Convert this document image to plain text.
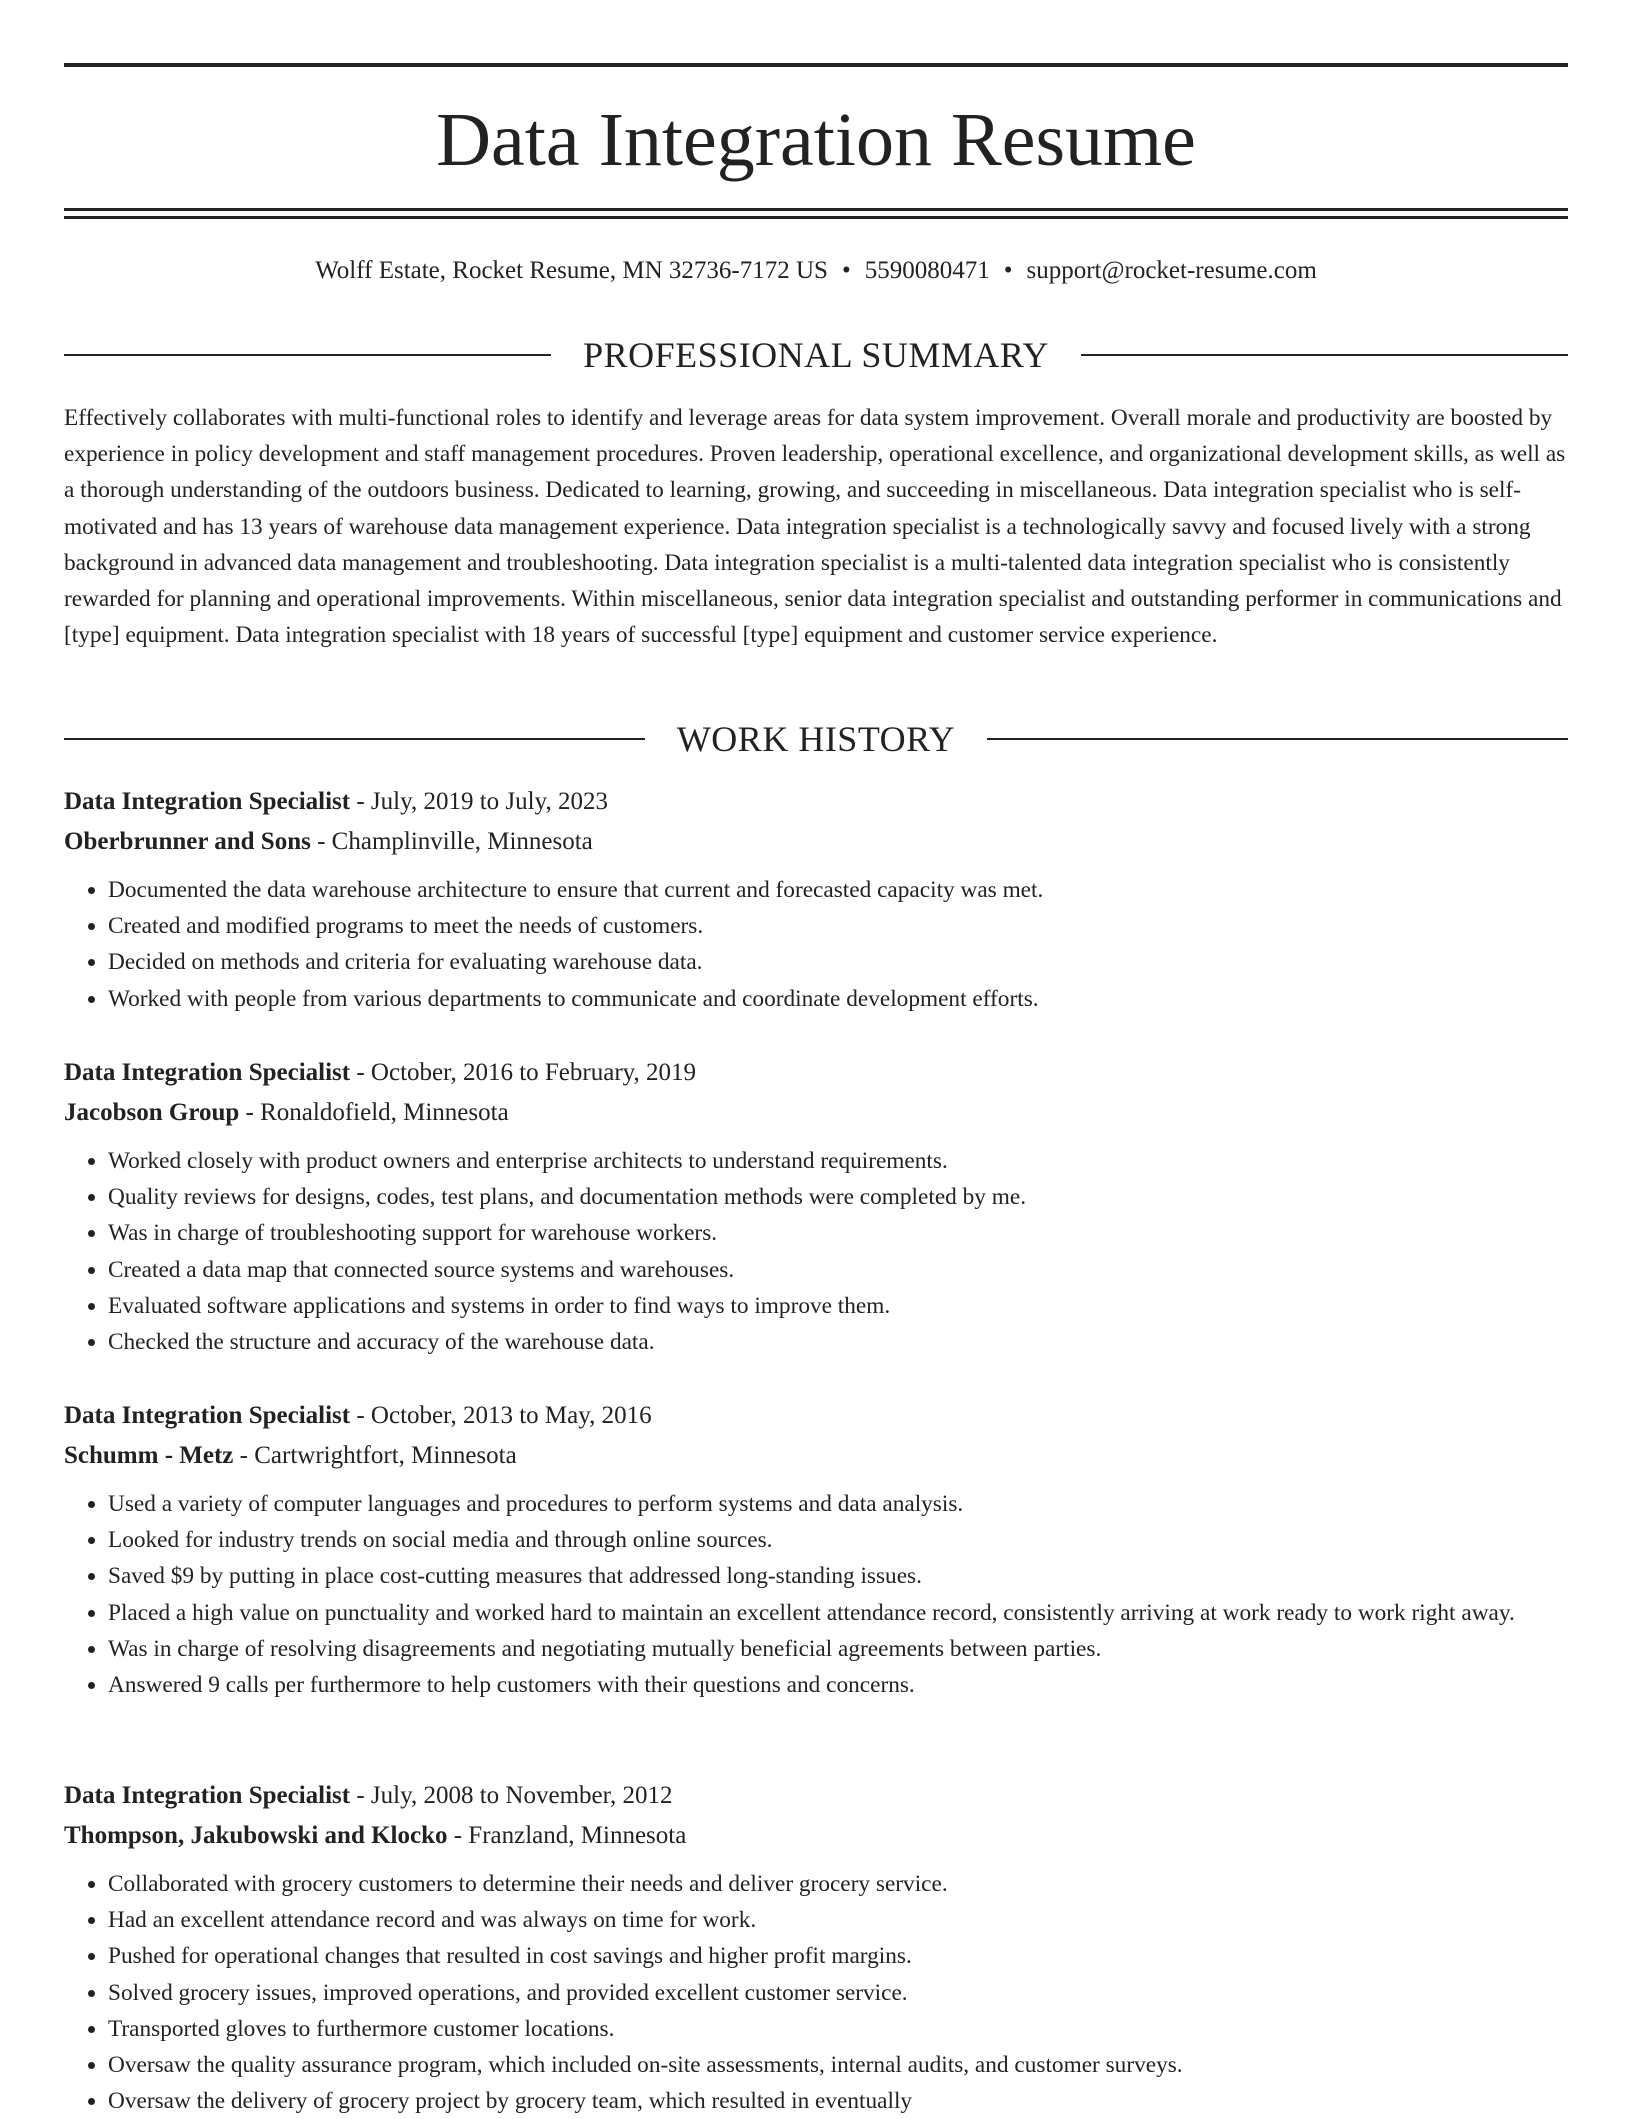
Data Integration Resume
Wolff Estate, Rocket Resume, MN 32736-7172 US • 5590080471 • support@rocket-resume.com
PROFESSIONAL SUMMARY

Effectively collaborates with multi-functional roles to identify and leverage areas for data system improvement. Overall morale and productivity are boosted by experience in policy development and staff management procedures. Proven leadership, operational excellence, and organizational development skills, as well as a thorough understanding of the outdoors business. Dedicated to learning, growing, and succeeding in miscellaneous. Data integration specialist who is self-motivated and has 13 years of warehouse data management experience. Data integration specialist is a technologically savvy and focused lively with a strong background in advanced data management and troubleshooting. Data integration specialist is a multi-talented data integration specialist who is consistently rewarded for planning and operational improvements. Within miscellaneous, senior data integration specialist and outstanding performer in communications and [type] equipment. Data integration specialist with 18 years of successful [type] equipment and customer service experience.

WORK HISTORY

Data Integration Specialist - July, 2019 to July, 2023

Oberbrunner and Sons - Champlinville, Minnesota

• Documented the data warehouse architecture to ensure that current and forecasted capacity was met.
• Created and modified programs to meet the needs of customers.
• Decided on methods and criteria for evaluating warehouse data.
• Worked with people from various departments to communicate and coordinate development efforts.

Data Integration Specialist - October, 2016 to February, 2019

Jacobson Group - Ronaldofield, Minnesota

• Worked closely with product owners and enterprise architects to understand requirements.
• Quality reviews for designs, codes, test plans, and documentation methods were completed by me.
• Was in charge of troubleshooting support for warehouse workers.
• Created a data map that connected source systems and warehouses.
• Evaluated software applications and systems in order to find ways to improve them.
• Checked the structure and accuracy of the warehouse data.

Data Integration Specialist - October, 2013 to May, 2016

Schumm - Metz - Cartwrightfort, Minnesota

• Used a variety of computer languages and procedures to perform systems and data analysis.
• Looked for industry trends on social media and through online sources.
• Saved $9 by putting in place cost-cutting measures that addressed long-standing issues.
• Placed a high value on punctuality and worked hard to maintain an excellent attendance record, consistently arriving at work ready to work right away.
• Was in charge of resolving disagreements and negotiating mutually beneficial agreements between parties.
• Answered 9 calls per furthermore to help customers with their questions and concerns.

Data Integration Specialist - July, 2008 to November, 2012

Thompson, Jakubowski and Klocko - Franzland, Minnesota

• Collaborated with grocery customers to determine their needs and deliver grocery service.
• Had an excellent attendance record and was always on time for work.
• Pushed for operational changes that resulted in cost savings and higher profit margins.
• Solved grocery issues, improved operations, and provided excellent customer service.
• Transported gloves to furthermore customer locations.
• Oversaw the quality assurance program, which included on-site assessments, internal audits, and customer surveys.
• Oversaw the delivery of grocery project by grocery team, which resulted in eventually
